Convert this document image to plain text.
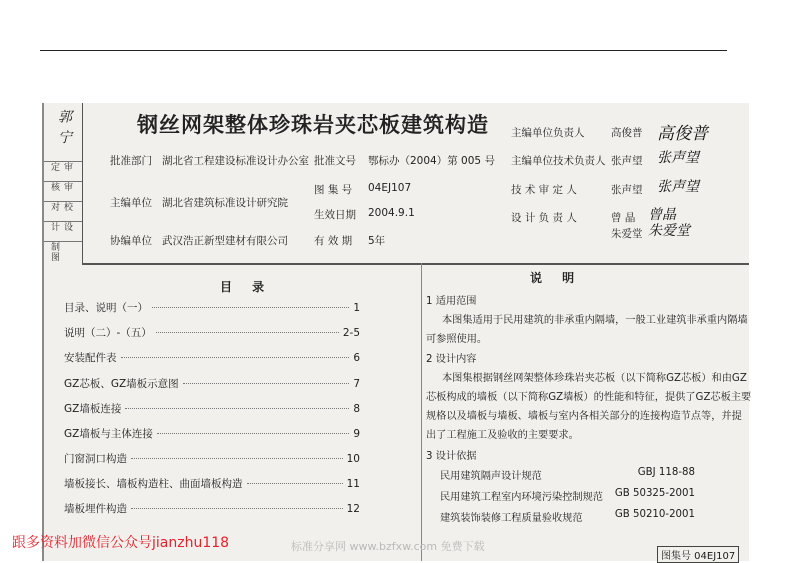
郭 宁
审定
审核
校对
设计
制图
钢丝网架整体珍珠岩夹芯板建筑构造
批准部门 湖北省工程建设标准设计办公室 批准文号 鄂标办（2004）第 005 号
主编单位 湖北省建筑标准设计研究院
图 集 号 04EJ107
生效日期 2004.9.1
协编单位 武汉浩正新型建材有限公司 有 效 期 5年
主编单位负责人	高俊普 高俊普
主编单位技术负责人 张声望 张声望
技 术 审 定 人	张声望 张声望
设 计 负 责 人	曾 晶 曾晶
朱爱堂 朱爱堂
目 录
目录、说明（一）	1
说明（二）-（五）	2-5
安装配件表	6
GZ芯板、GZ墙板示意图	7
GZ墙板连接	8
GZ墙板与主体连接	9
门窗洞口构造	10
墙板接长、墙板构造柱、曲面墙板构造	11
墙板埋件构造	12
说 明
1 适用范围
本图集适用于民用建筑的非承重内隔墙，一般工业建筑非承重内隔墙
可参照使用。
2 设计内容
本图集根据钢丝网架整体珍珠岩夹芯板（以下简称GZ芯板）和由GZ
芯板构成的墙板（以下简称GZ墙板）的性能和特征，提供了GZ芯板主要
规格以及墙板与墙板、墙板与室内各相关部分的连接构造节点等，并提
出了工程施工及验收的主要要求。
3 设计依据
民用建筑隔声设计规范	GBJ 118-88
民用建筑工程室内环境污染控制规范 GB 50325-2001
建筑装饰装修工程质量验收规范	GB 50210-2001
图集号 04EJ107
跟多资料加微信公众号jianzhu118	标准分享网 www.bzfxw.com 免费下载
